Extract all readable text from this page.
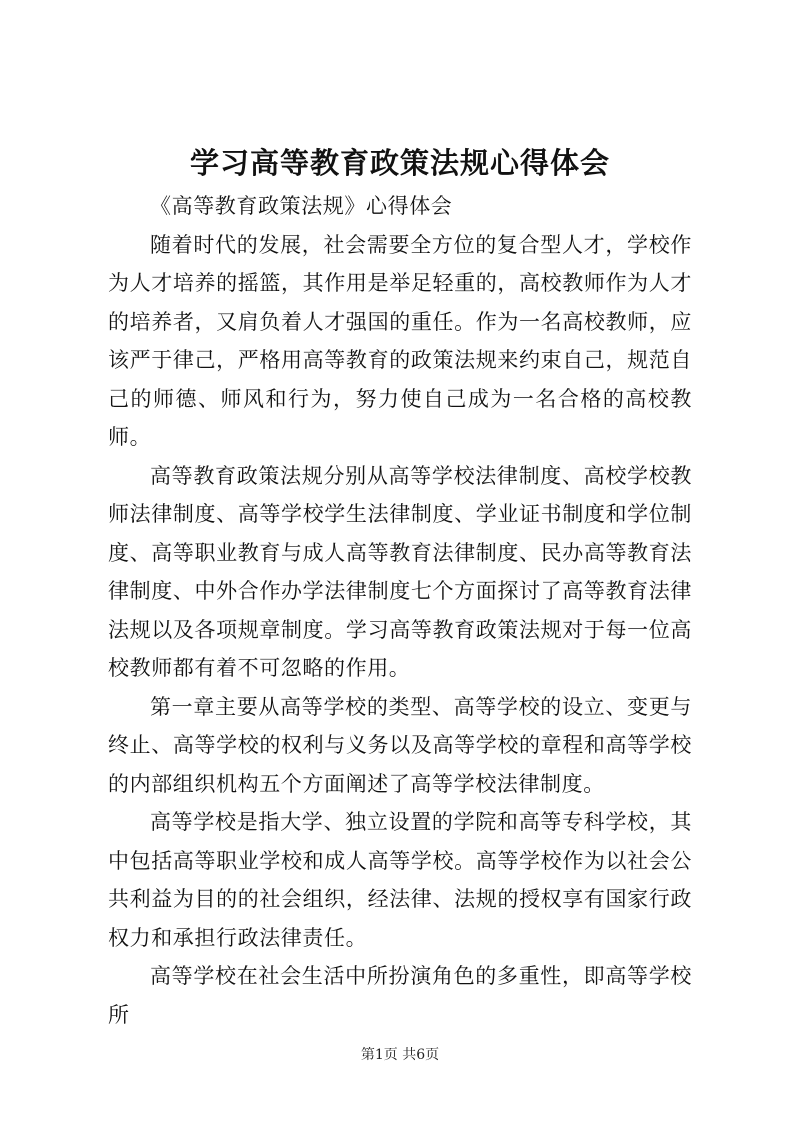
学习高等教育政策法规心得体会

《高等教育政策法规》心得体会

随着时代的发展，社会需要全方位的复合型人才，学校作为人才培养的摇篮，其作用是举足轻重的，高校教师作为人才的培养者，又肩负着人才强国的重任。作为一名高校教师，应该严于律己，严格用高等教育的政策法规来约束自己，规范自己的师德、师风和行为，努力使自己成为一名合格的高校教师。

高等教育政策法规分别从高等学校法律制度、高校学校教师法律制度、高等学校学生法律制度、学业证书制度和学位制度、高等职业教育与成人高等教育法律制度、民办高等教育法律制度、中外合作办学法律制度七个方面探讨了高等教育法律法规以及各项规章制度。学习高等教育政策法规对于每一位高校教师都有着不可忽略的作用。

第一章主要从高等学校的类型、高等学校的设立、变更与终止、高等学校的权利与义务以及高等学校的章程和高等学校的内部组织机构五个方面阐述了高等学校法律制度。

高等学校是指大学、独立设置的学院和高等专科学校，其中包括高等职业学校和成人高等学校。高等学校作为以社会公共利益为目的的社会组织，经法律、法规的授权享有国家行政权力和承担行政法律责任。

高等学校在社会生活中所扮演角色的多重性，即高等学校所

第1页 共6页
